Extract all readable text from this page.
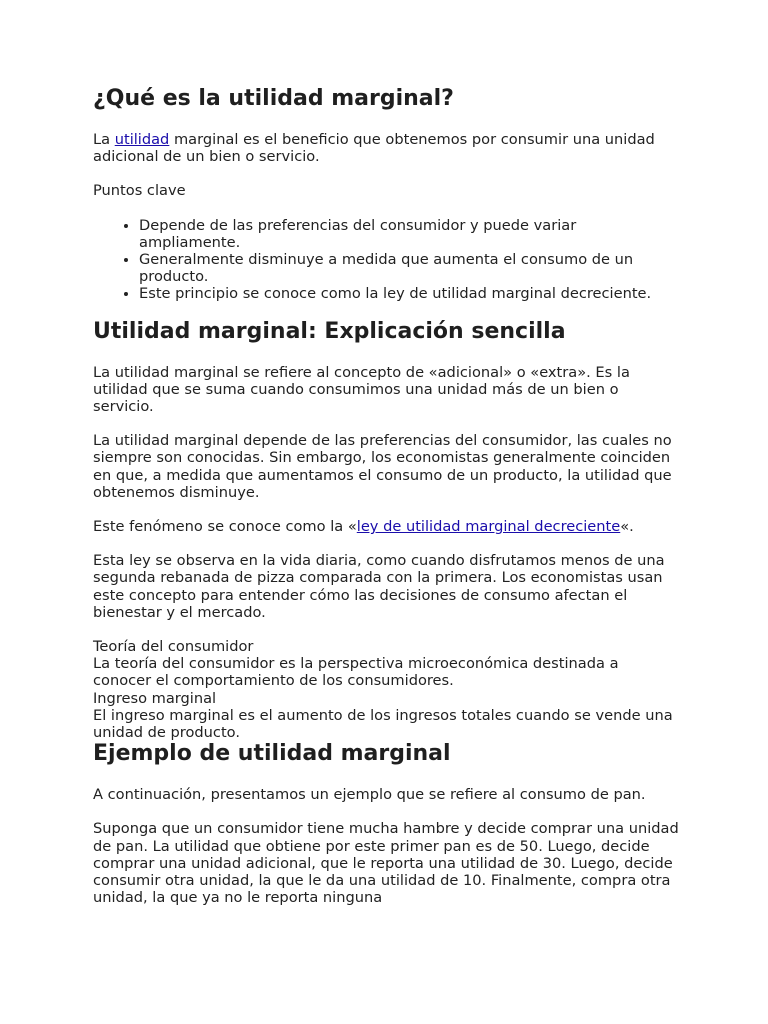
¿Qué es la utilidad marginal?

La utilidad marginal es el beneficio que obtenemos por consumir una unidad adicional de un bien o servicio.

Puntos clave

• Depende de las preferencias del consumidor y puede variar ampliamente.
• Generalmente disminuye a medida que aumenta el consumo de un producto.
• Este principio se conoce como la ley de utilidad marginal decreciente.
Utilidad marginal: Explicación sencilla

La utilidad marginal se refiere al concepto de «adicional» o «extra». Es la utilidad que se suma cuando consumimos una unidad más de un bien o servicio.

La utilidad marginal depende de las preferencias del consumidor, las cuales no siempre son conocidas. Sin embargo, los economistas generalmente coinciden en que, a medida que aumentamos el consumo de un producto, la utilidad que obtenemos disminuye.

Este fenómeno se conoce como la «ley de utilidad marginal decreciente«.

Esta ley se observa en la vida diaria, como cuando disfrutamos menos de una segunda rebanada de pizza comparada con la primera. Los economistas usan este concepto para entender cómo las decisiones de consumo afectan el bienestar y el mercado.

Teoría del consumidor

La teoría del consumidor es la perspectiva microeconómica destinada a conocer el comportamiento de los consumidores.

Ingreso marginal

El ingreso marginal es el aumento de los ingresos totales cuando se vende una unidad de producto.

Ejemplo de utilidad marginal

A continuación, presentamos un ejemplo que se refiere al consumo de pan.

Suponga que un consumidor tiene mucha hambre y decide comprar una unidad de pan. La utilidad que obtiene por este primer pan es de 50. Luego, decide comprar una unidad adicional, que le reporta una utilidad de 30. Luego, decide consumir otra unidad, la que le da una utilidad de 10. Finalmente, compra otra unidad, la que ya no le reporta ninguna
